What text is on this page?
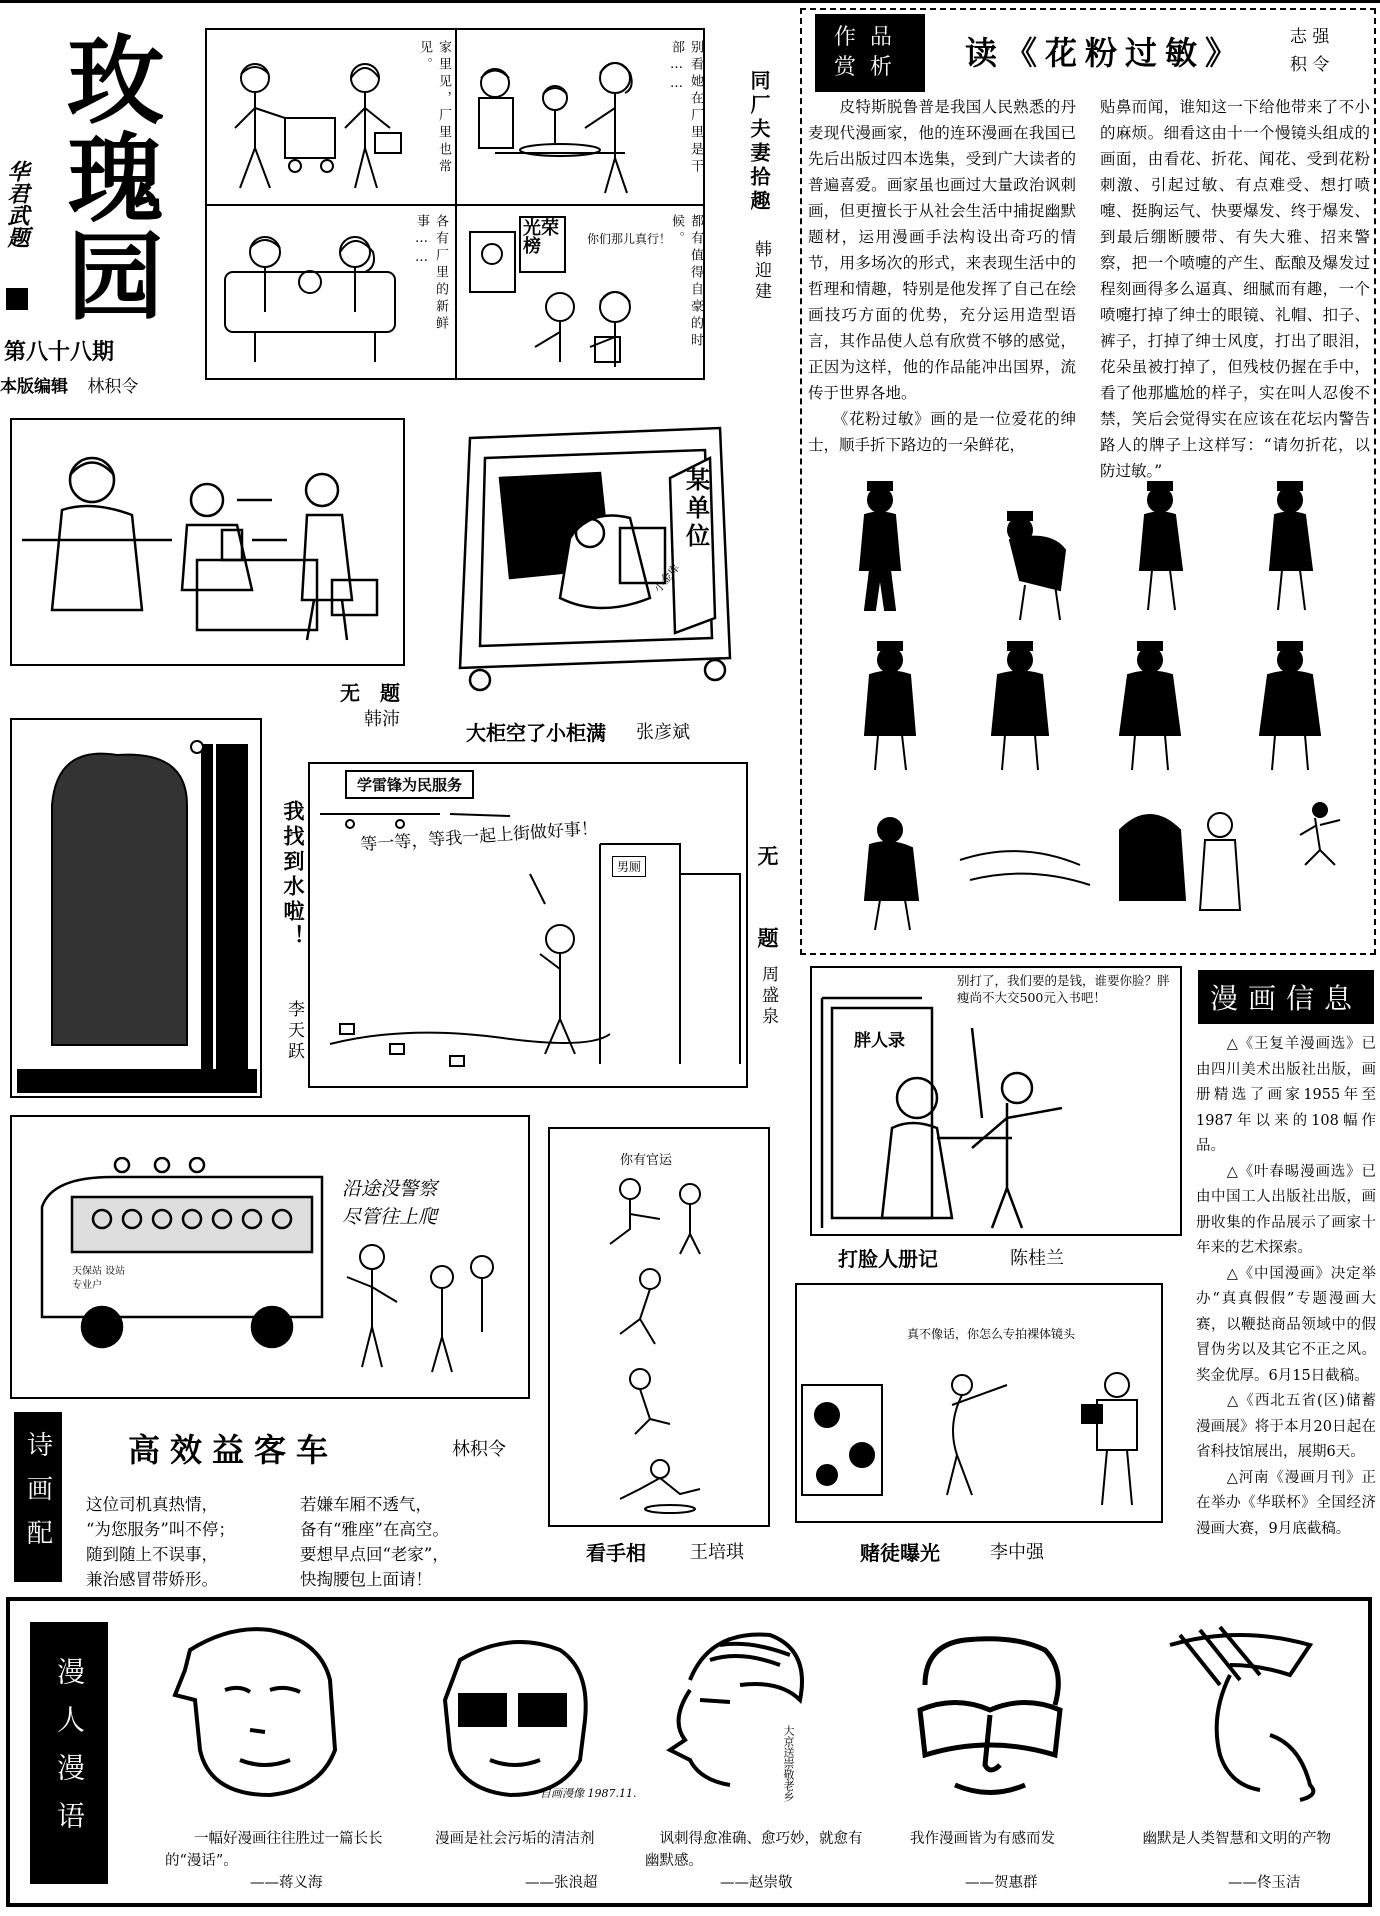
玫瑰园
华君武题
第八十八期
本版编辑 林积令
家里见，厂里也常见。	别看她在厂里是干部……
各有厂里的新鲜事……	光荣榜	你们那儿真行！	都有值得自豪的时候。
同厂夫妻拾趣
韩迎建
作品
赏析 读《花粉过敏》	志 强
积 令
　　皮特斯脱鲁普是我国人民熟悉的丹麦现代漫画家，他的连环漫画在我国已先后出版过四本选集，受到广大读者的普遍喜爱。画家虽也画过大量政治讽刺画，但更擅长于从社会生活中捕捉幽默题材，运用漫画手法构设出奇巧的情节，用多场次的形式，来表现生活中的哲理和情趣，特别是他发挥了自己在绘画技巧方面的优势，充分运用造型语言，其作品使人总有欣赏不够的感觉，正因为这样，他的作品能冲出国界，流传于世界各地。
　　《花粉过敏》画的是一位爱花的绅士，顺手折下路边的一朵鲜花，
贴鼻而闻，谁知这一下给他带来了不小的麻烦。细看这由十一个慢镜头组成的画面，由看花、折花、闻花、受到花粉刺激、引起过敏、有点难受、想打喷嚏、挺胸运气、快要爆发、终于爆发、到最后绷断腰带、有失大雅、招来警察，把一个喷嚏的产生、酝酿及爆发过程刻画得多么逼真、细腻而有趣，一个喷嚏打掉了绅士的眼镜、礼帽、扣子、裤子，打掉了绅士风度，打出了眼泪，花朵虽被打掉了，但残枝仍握在手中，看了他那尴尬的样子，实在叫人忍俊不禁，笑后会觉得实在应该在花坛内警告路人的牌子上这样写：“请勿折花，以防过敏。”
无　题
韩沛
某单位
小金库
大柜空了小柜满 张彦斌
我找到水啦！
李天跃
学雷锋为民服务
等一等，等我一起上街做好事！
男厕	无　题
周盛泉
胖人录
别打了，我们要的是钱，谁要你脸？胖瘦尚不大交500元入书吧！
打脸人册记	陈桂兰
漫画信息
　　△《王复羊漫画选》已由四川美术出版社出版，画册精选了画家1955年至1987年以来的108幅作品。
　　△《叶春晹漫画选》已由中国工人出版社出版，画册收集的作品展示了画家十年来的艺术探索。
　　△《中国漫画》决定举办“真真假假”专题漫画大赛，以鞭挞商品领域中的假冒伪劣以及其它不正之风。奖金优厚。6月15日截稿。
　　△《西北五省(区)储蓄漫画展》将于本月20日起在省科技馆展出，展期6天。
　　△河南《漫画月刊》正在举办《华联杯》全国经济漫画大赛，9月底截稿。
天保站 设站专业户
沿途没警察 尽管往上爬
诗画配 高效益客车	林积令
这位司机真热情，
“为您服务”叫不停；
随到随上不误事，
兼治感冒带娇形。
若嫌车厢不透气，
备有“雅座”在高空。
要想早点回“老家”，
快掏腰包上面请！
你有官运
看手相 王培琪
真不像话，你怎么专拍裸体镜头
赌徒曝光	李中强
漫人漫语	自画漫像 1987.11.	大京送崇敬老乡
一幅好漫画往往胜过一篇长长的“漫话”。
——蒋义海
漫画是社会污垢的清洁剂
——张浪超
讽刺得愈准确、愈巧妙，就愈有幽默感。
——赵崇敬
我作漫画皆为有感而发
——贺惠群
幽默是人类智慧和文明的产物
——佟玉洁
